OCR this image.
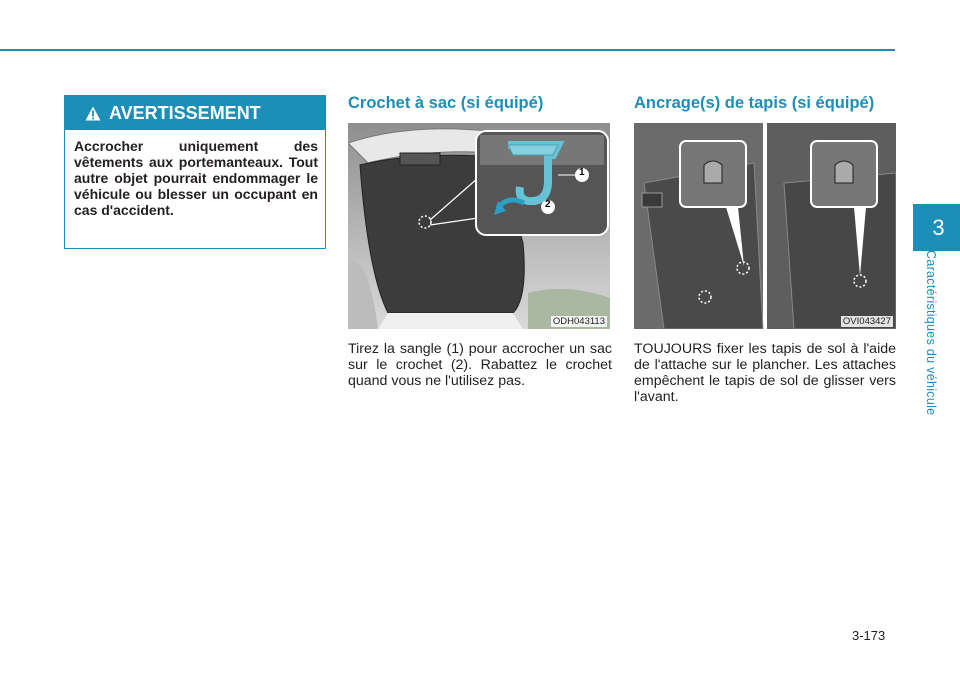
AVERTISSEMENT
Accrocher uniquement des vêtements aux portemanteaux. Tout autre objet pourrait endommager le véhicule ou blesser un occupant en cas d'accident.
Crochet à sac (si équipé)
1
2
ODH043113
Tirez la sangle (1) pour accrocher un sac sur le crochet (2). Rabattez le crochet quand vous ne l'utilisez pas.
Ancrage(s) de tapis (si équipé)
OVI043427
TOUJOURS fixer les tapis de sol à l'aide de l'attache sur le plancher. Les attaches empêchent le tapis de sol de glisser vers l'avant.
3
Caractéristiques du véhicule
3-173
